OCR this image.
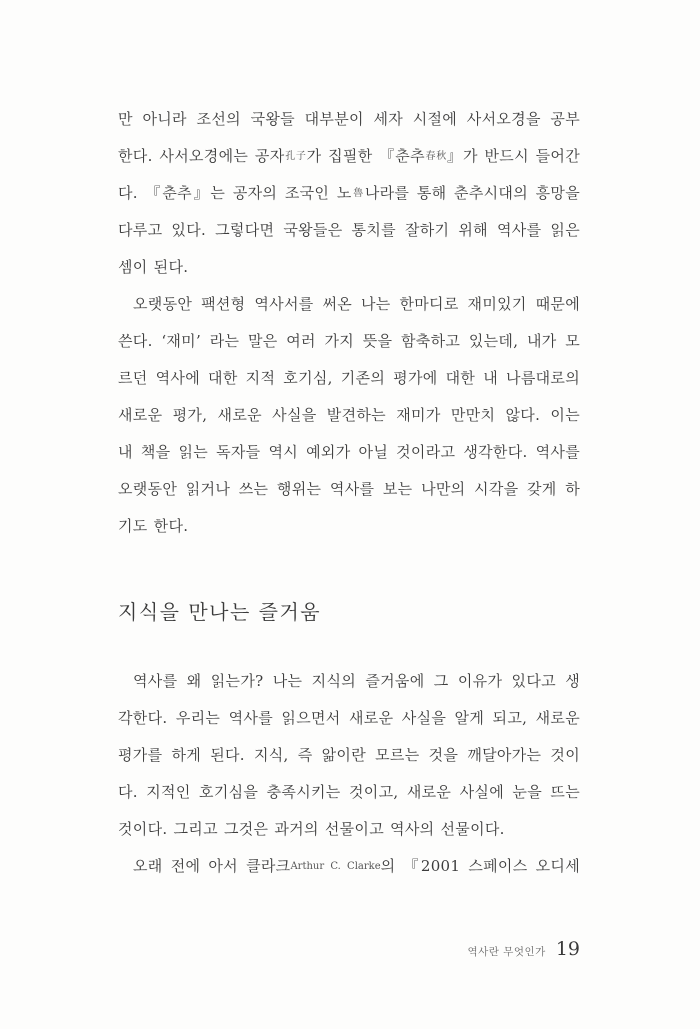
만 아니라 조선의 국왕들 대부분이 세자 시절에 사서오경을 공부
한다. 사서오경에는 공자孔子가 집필한 『춘추春秋』가 반드시 들어간
다. 『춘추』는 공자의 조국인 노魯나라를 통해 춘추시대의 흥망을
다루고 있다. 그렇다면 국왕들은 통치를 잘하기 위해 역사를 읽은
셈이 된다.
오랫동안 팩션형 역사서를 써온 나는 한마디로 재미있기 때문에
쓴다. ‘재미’ 라는 말은 여러 가지 뜻을 함축하고 있는데, 내가 모
르던 역사에 대한 지적 호기심, 기존의 평가에 대한 내 나름대로의
새로운 평가, 새로운 사실을 발견하는 재미가 만만치 않다. 이는
내 책을 읽는 독자들 역시 예외가 아닐 것이라고 생각한다. 역사를
오랫동안 읽거나 쓰는 행위는 역사를 보는 나만의 시각을 갖게 하
기도 한다.
지식을 만나는 즐거움
역사를 왜 읽는가? 나는 지식의 즐거움에 그 이유가 있다고 생
각한다. 우리는 역사를 읽으면서 새로운 사실을 알게 되고, 새로운
평가를 하게 된다. 지식, 즉 앎이란 모르는 것을 깨달아가는 것이
다. 지적인 호기심을 충족시키는 것이고, 새로운 사실에 눈을 뜨는
것이다. 그리고 그것은 과거의 선물이고 역사의 선물이다.
오래 전에 아서 클라크Arthur C. Clarke의 『2001 스페이스 오디세
역사란 무엇인가 19
